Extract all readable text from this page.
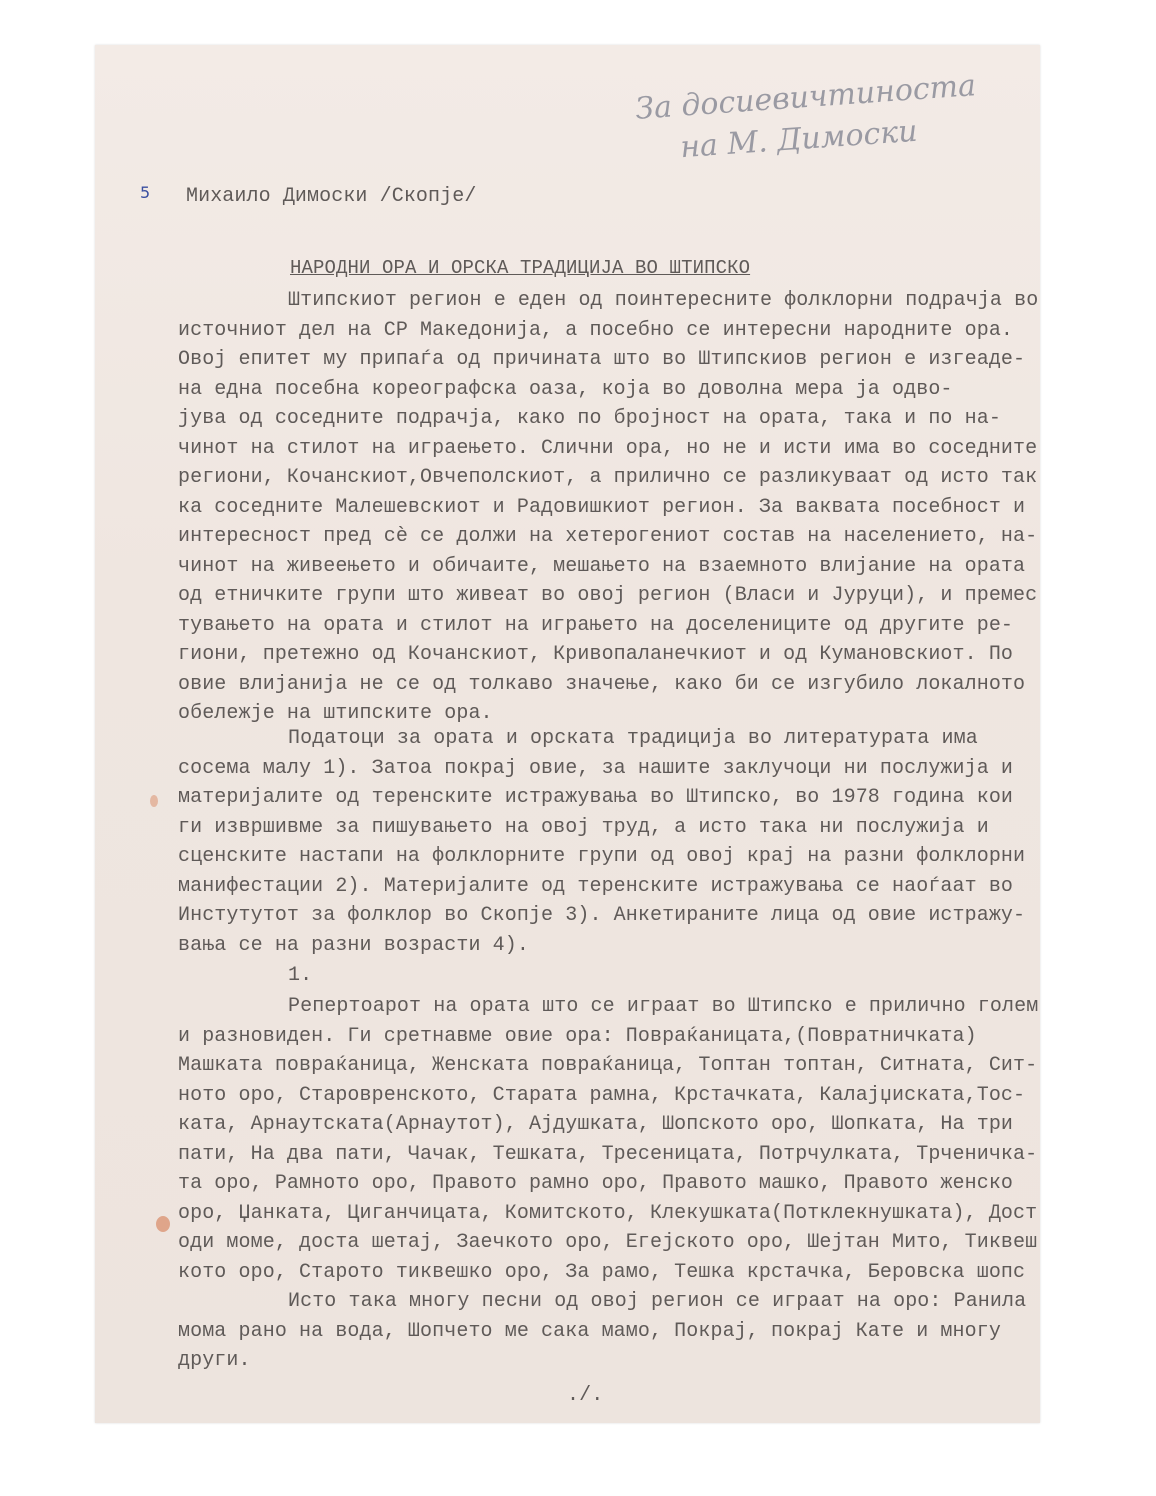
За досиевичтиноста
на М. Димоски
5 Михаило Димоски /Скопје/
НАРОДНИ ОРА И ОРСКА ТРАДИЦИЈА ВО ШТИПСКО
Штипскиот регион е еден од поинтересните фолклорни подрачја во
источниот дел на СР Македонија, а посебно се интересни народните ора.
Овој епитет му припаѓа од причината што во Штипскиов регион е изгеаде-
на една посебна кореографска оаза, која во доволна мера ја одво-
јува од соседните подрачја, како по бројност на ората, така и по на-
чинот на стилот на играењето. Слични ора, но не и исти има во соседните
региони, Кочанскиот,Овчеполскиот, а прилично се разликуваат од исто так
ка соседните Малешевскиот и Радовишкиот регион. За ваквата посебност и
интересност пред сè се должи на хетерогениот состав на населението, на-
чинот на живеењето и обичаите, мешањето на взаемното влијание на ората
од етничките групи што живеат во овој регион (Власи и Јуруци), и премес
тувањето на ората и стилот на играњето на доселениците од другите ре-
гиони, претежно од Кочанскиот, Кривопаланечкиот и од Кумановскиот. По
овие влијанија не се од толкаво значење, како би се изгубило локалното
обележје на штипските ора.
Податоци за ората и орската традиција во литературата има
сосема малу 1). Затоа покрај овие, за нашите заклучоци ни послужија и
материјалите од теренските истражувања во Штипско, во 1978 година кои
ги извршивме за пишувањето на овој труд, а исто така ни послужија и
сценските настапи на фолклорните групи од овој крај на разни фолклорни
манифестации 2). Материјалите од теренските истражувања се наоѓаат во
Инстутутот за фолклор во Скопје 3). Анкетираните лица од овие истражу-
вања се на разни возрасти 4).
1.
Репертоарот на ората што се играат во Штипско е прилично голем
и разновиден. Ги сретнавме овие ора: Повраќаницата,(Повратничката)
Машката повраќаница, Женската повраќаница, Топтан топтан, Ситната, Сит-
ното оро, Старовренското, Старата рамна, Крстачката, Калајџиската,Тос-
ката, Арнаутската(Арнаутот), Ајдушката, Шопското оро, Шопката, На три
пати, На два пати, Чачак, Тешката, Тресеницата, Потрчулката, Трченичка-
та оро, Рамното оро, Правото рамно оро, Правото машко, Правото женско
оро, Џанката, Циганчицата, Комитското, Клекушката(Потклекнушката), Дост
оди моме, доста шетај, Заечкото оро, Егејското оро, Шејтан Мито, Тиквеш
кото оро, Старото тиквешко оро, За рамо, Тешка крстачка, Беровска шопс
Исто така многу песни од овој регион се играат на оро: Ранила
мома рано на вода, Шопчето ме сака мамо, Покрај, покрај Кате и многу
други.
./.
